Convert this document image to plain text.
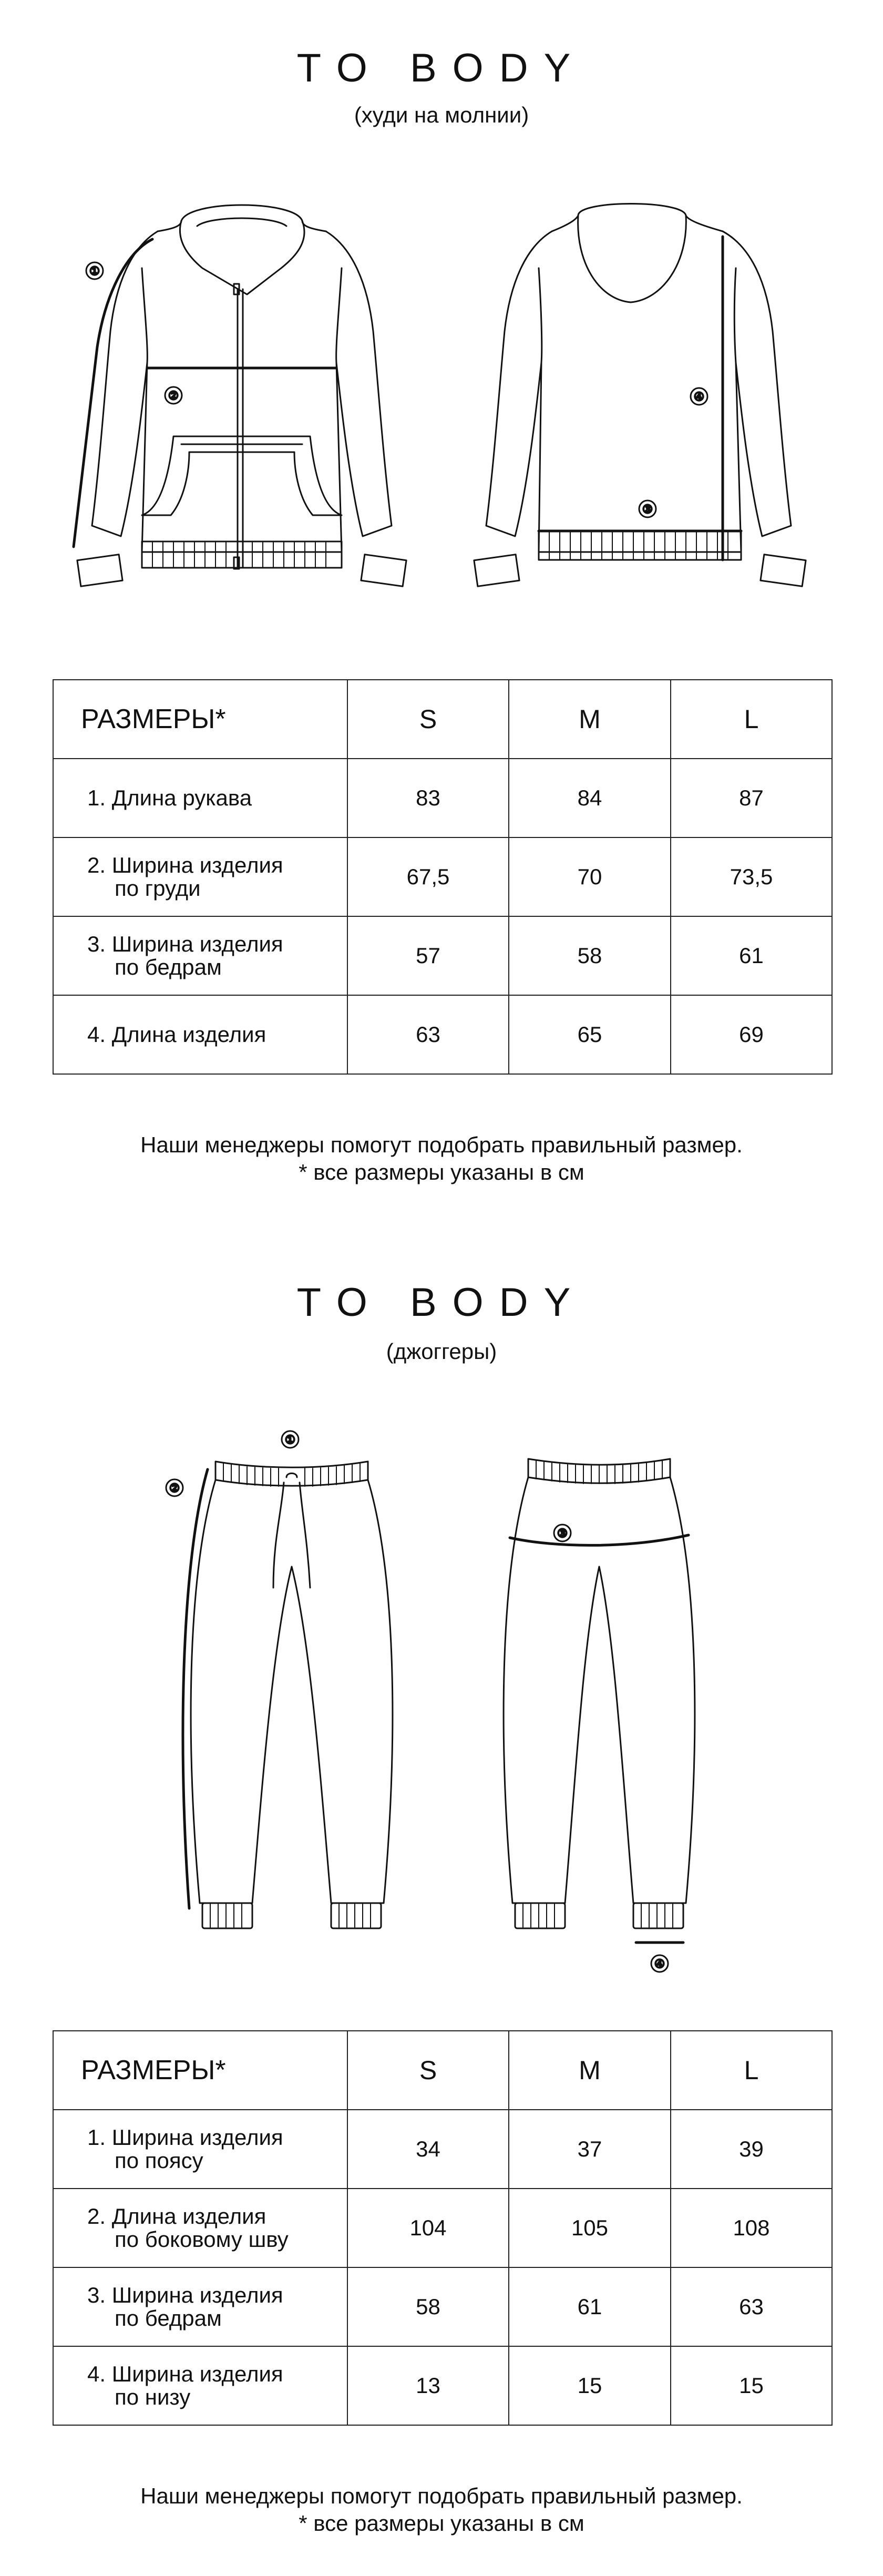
TO BODY
(худи на молнии)
①
②
③
④
РАЗМЕРЫ*	S	M	L

1. Длина рукава	83	84	87

2. Ширина изделия
по груди	67,5	70	73,5

3. Ширина изделия
по бедрам	57	58	61

4. Длина изделия	63	65	69
Наши менеджеры помогут подобрать правильный размер.
* все размеры указаны в см
TO BODY
(джоггеры)
①
②
③
④
РАЗМЕРЫ*	S	M	L

1. Ширина изделия
по поясу	34	37	39

2. Длина изделия
по боковому шву	104	105	108

3. Ширина изделия
по бедрам	58	61	63

4. Ширина изделия
по низу	13	15	15
Наши менеджеры помогут подобрать правильный размер.
* все размеры указаны в см
